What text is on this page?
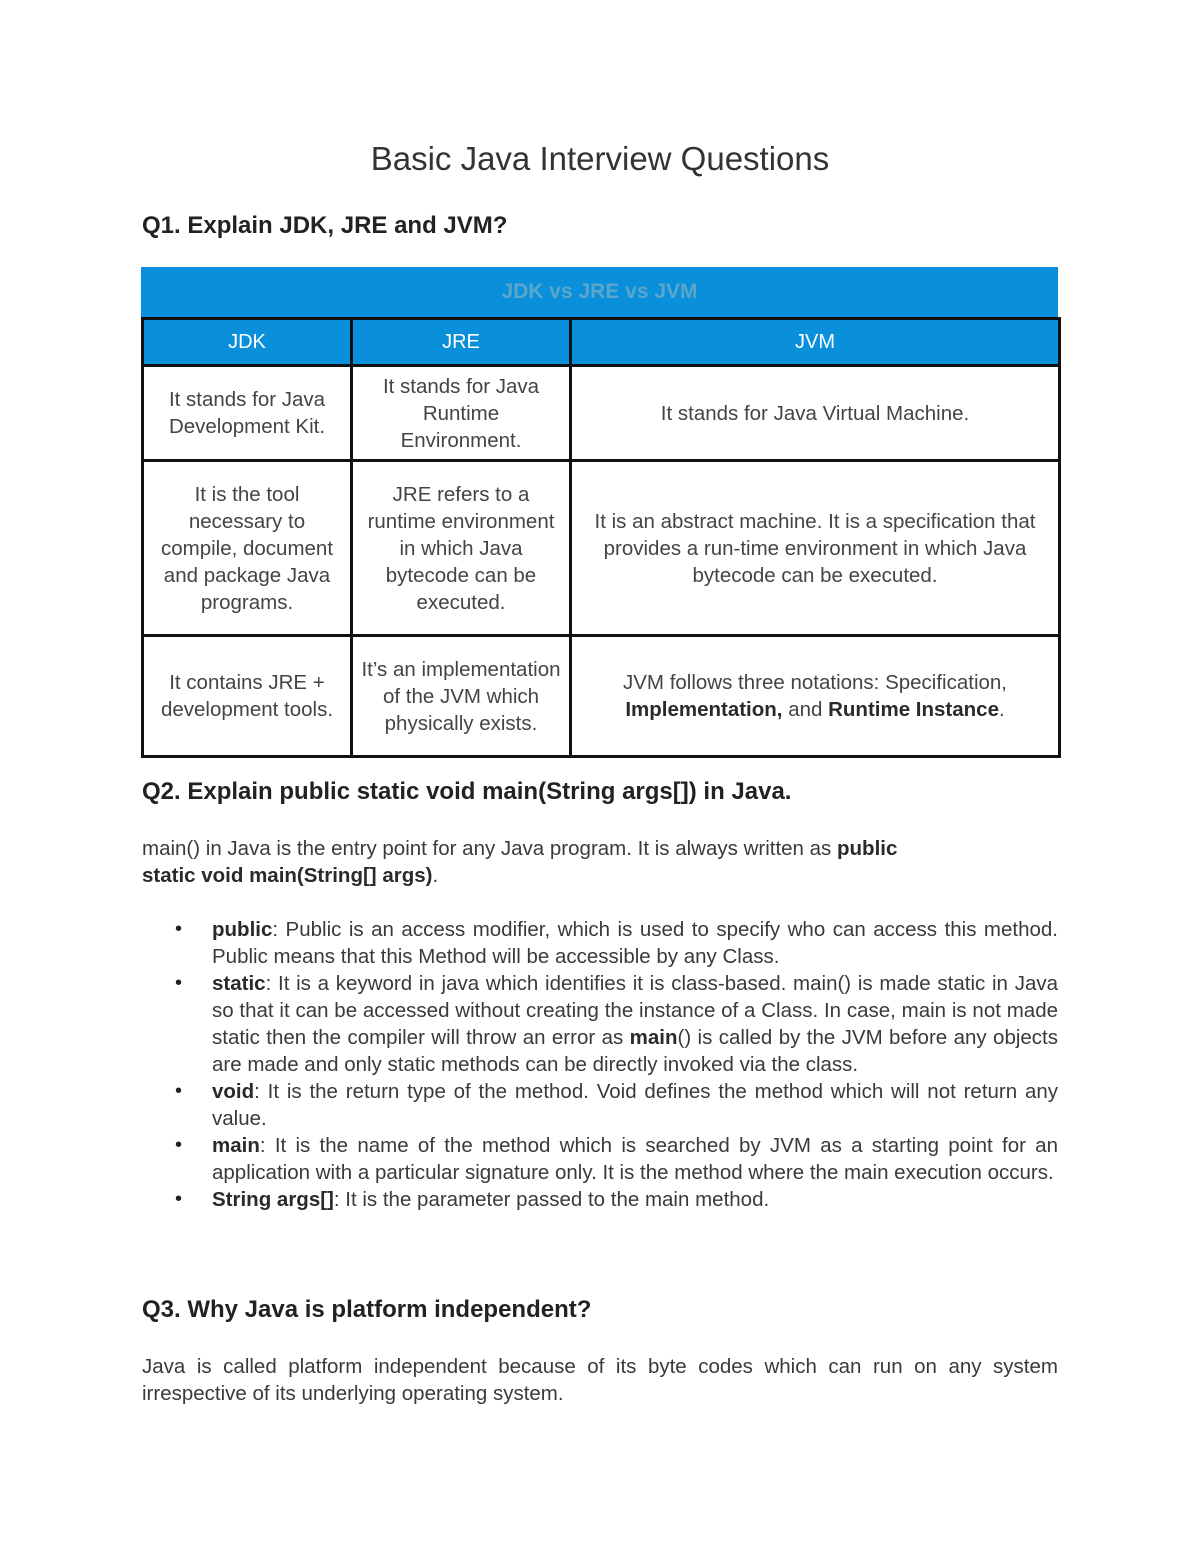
Basic Java Interview Questions
Q1. Explain JDK, JRE and JVM?
JDK vs JRE vs JVM
JDK	JRE	JVM
It stands for Java Development Kit.	It stands for Java Runtime Environment.	It stands for Java Virtual Machine.
It is the tool necessary to compile, document and package Java programs.	JRE refers to a runtime environment in which Java bytecode can be executed.	It is an abstract machine. It is a specification that provides a run-time environment in which Java bytecode can be executed.
It contains JRE + development tools.	It’s an implementation of the JVM which physically exists.	JVM follows three notations: Specification, Implementation, and Runtime Instance.
Q2. Explain public static void main(String args[]) in Java.

main() in Java is the entry point for any Java program. It is always written as public static void main(String[] args).

• public: Public is an access modifier, which is used to specify who can access this method. Public means that this Method will be accessible by any Class.
• static: It is a keyword in java which identifies it is class-based. main() is made static in Java so that it can be accessed without creating the instance of a Class. In case, main is not made static then the compiler will throw an error as main() is called by the JVM before any objects are made and only static methods can be directly invoked via the class.
• void: It is the return type of the method. Void defines the method which will not return any value.
• main: It is the name of the method which is searched by JVM as a starting point for an application with a particular signature only. It is the method where the main execution occurs.
• String args[]: It is the parameter passed to the main method.
Q3. Why Java is platform independent?

Java is called platform independent because of its byte codes which can run on any system irrespective of its underlying operating system.
